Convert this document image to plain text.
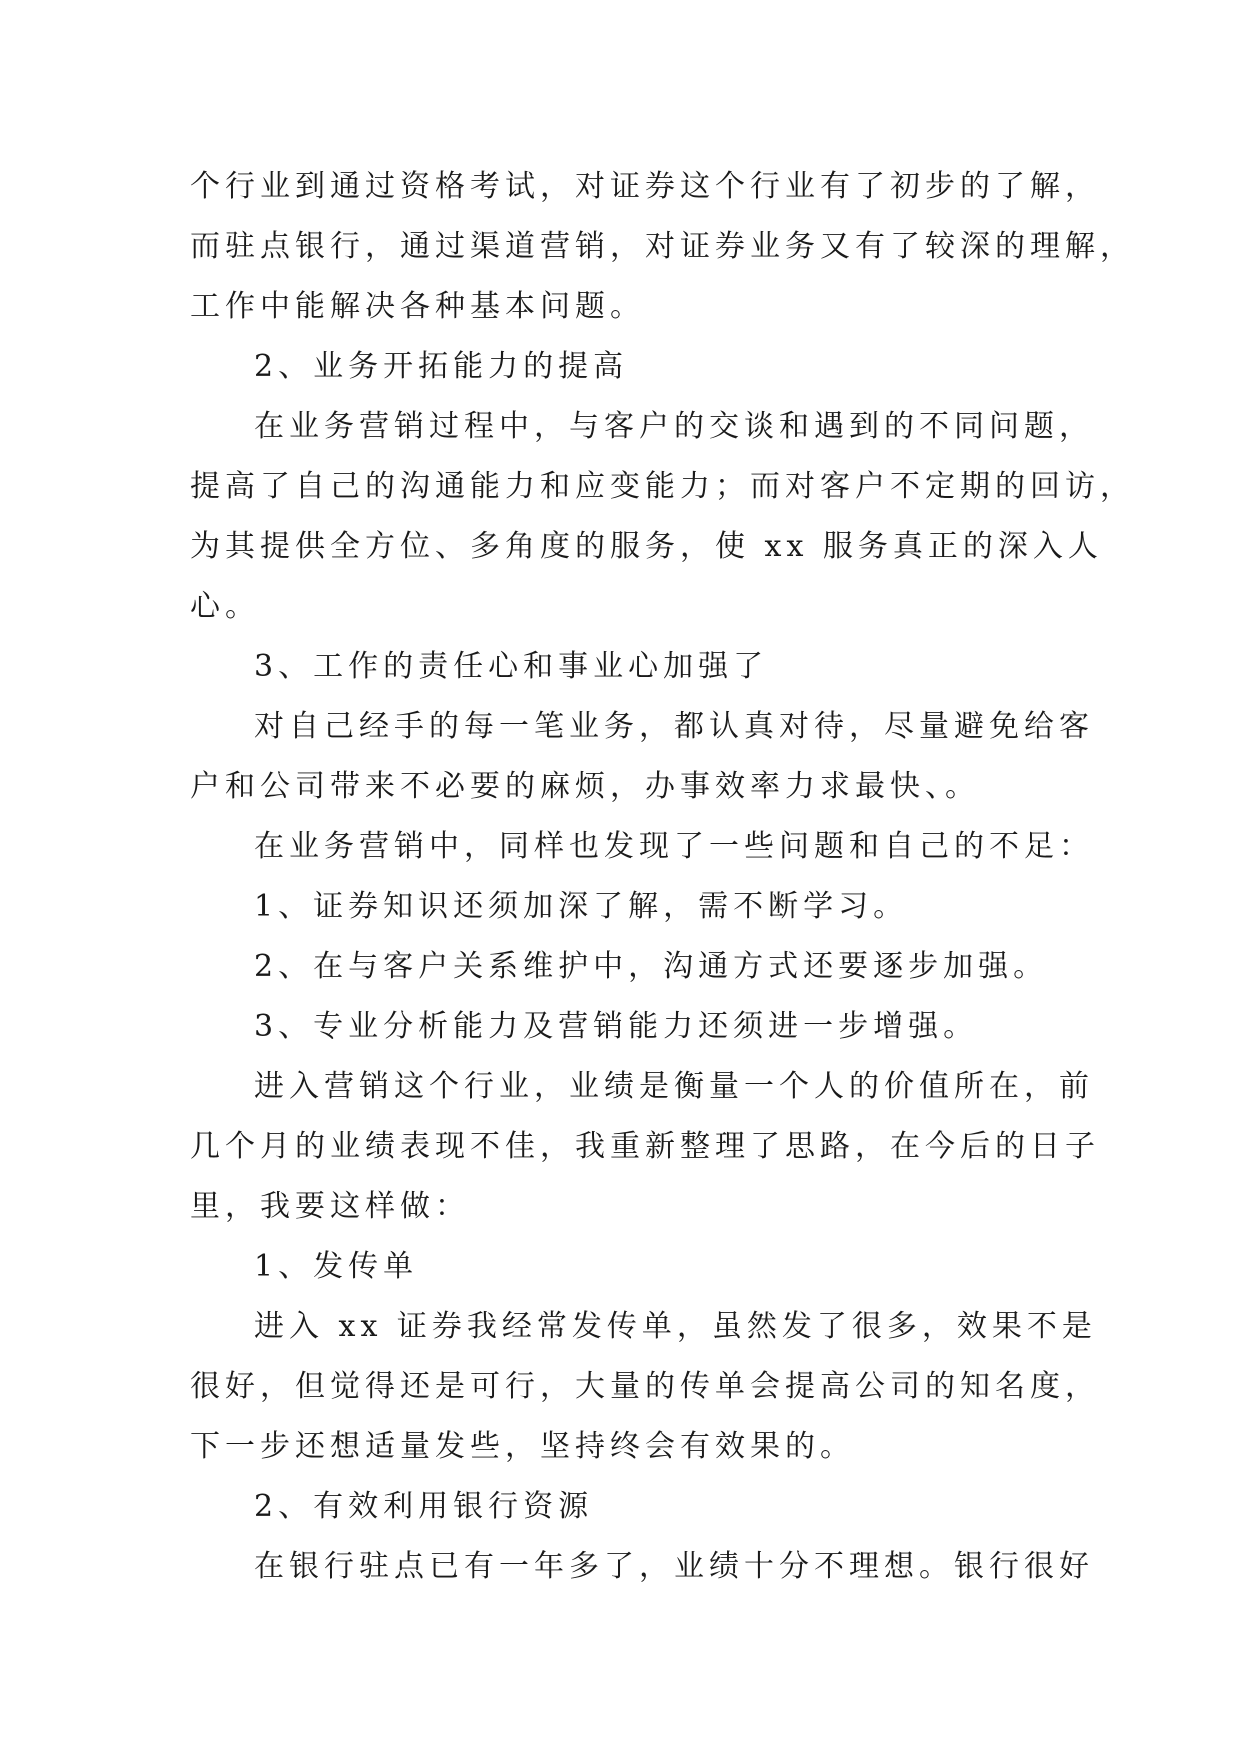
个行业到通过资格考试，对证券这个行业有了初步的了解，
而驻点银行，通过渠道营销，对证券业务又有了较深的理解，
工作中能解决各种基本问题。
2、业务开拓能力的提高
在业务营销过程中，与客户的交谈和遇到的不同问题，
提高了自己的沟通能力和应变能力；而对客户不定期的回访，
为其提供全方位、多角度的服务，使 xx 服务真正的深入人
心。
3、工作的责任心和事业心加强了
对自己经手的每一笔业务，都认真对待，尽量避免给客
户和公司带来不必要的麻烦，办事效率力求最快、。
在业务营销中，同样也发现了一些问题和自己的不足：
1、证券知识还须加深了解，需不断学习。
2、在与客户关系维护中，沟通方式还要逐步加强。
3、专业分析能力及营销能力还须进一步增强。
进入营销这个行业，业绩是衡量一个人的价值所在，前
几个月的业绩表现不佳，我重新整理了思路，在今后的日子
里，我要这样做：
1、发传单
进入 xx 证券我经常发传单，虽然发了很多，效果不是
很好，但觉得还是可行，大量的传单会提高公司的知名度，
下一步还想适量发些，坚持终会有效果的。
2、有效利用银行资源
在银行驻点已有一年多了，业绩十分不理想。银行很好
